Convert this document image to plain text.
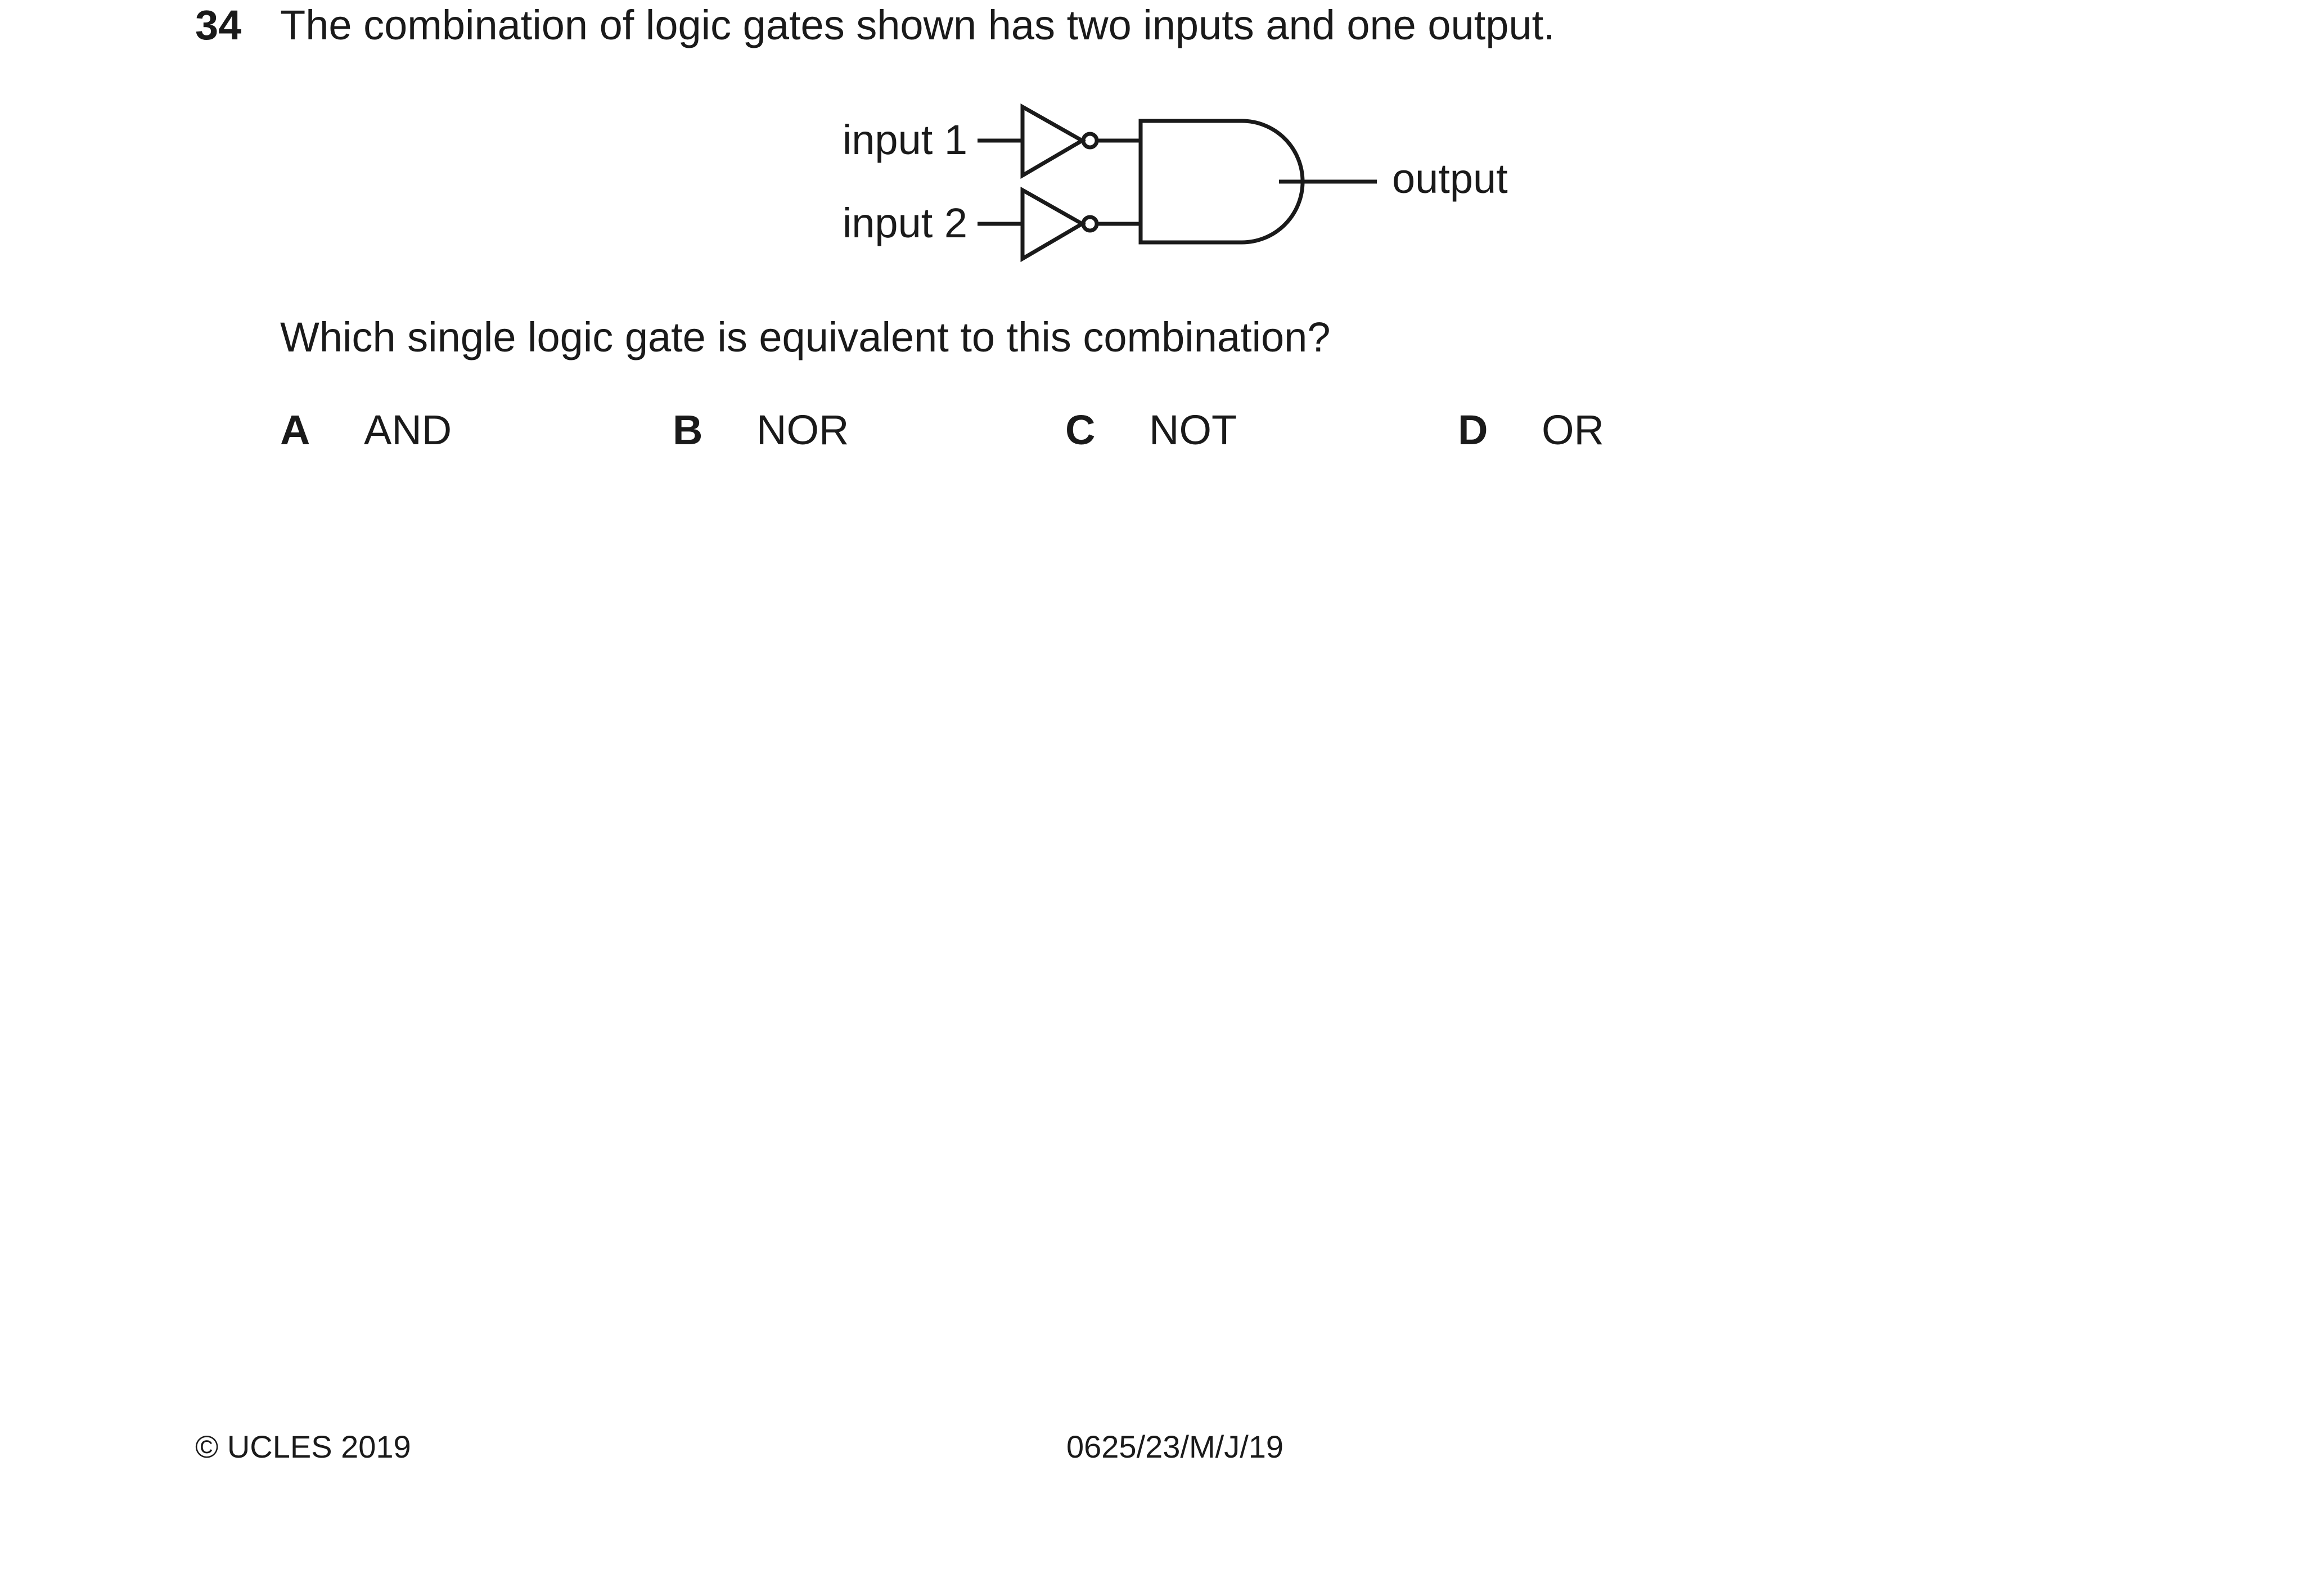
34 The combination of logic gates shown has two inputs and one output.
input 1
input 2
output
Which single logic gate is equivalent to this combination?
A AND	B NOR	C NOT	D OR
© UCLES 2019	0625/23/M/J/19
